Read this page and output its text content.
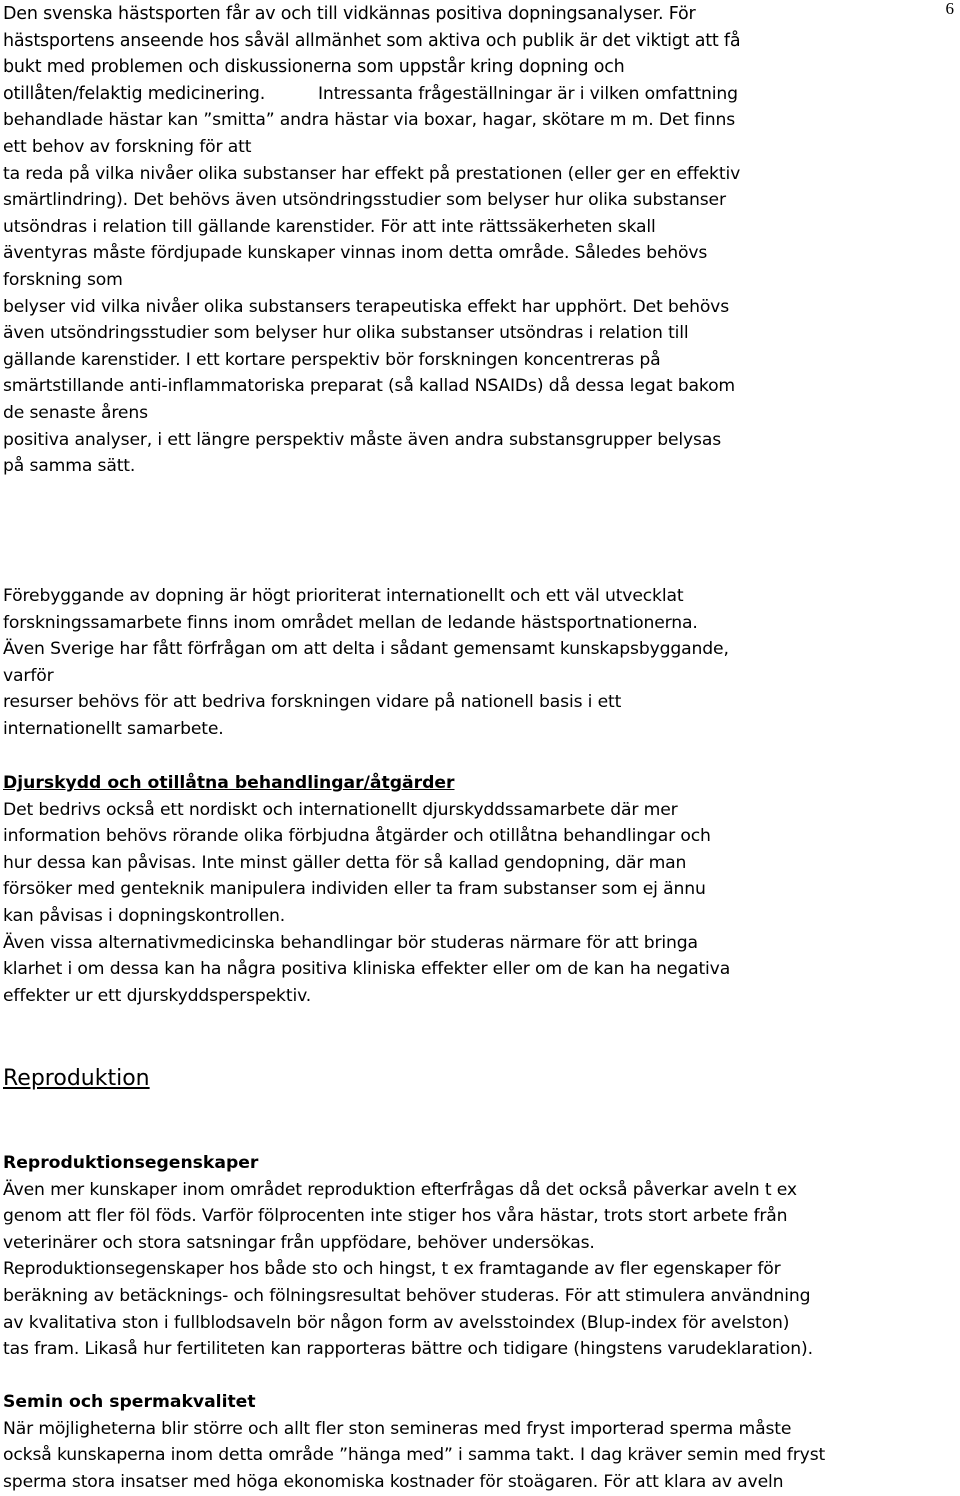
6
Den svenska hästsporten får av och till vidkännas positiva dopningsanalyser. För
hästsportens anseende hos såväl allmänhet som aktiva och publik är det viktigt att få
bukt med problemen och diskussionerna som uppstår kring dopning och
otillåten/felaktig medicinering.	Intressanta frågeställningar är i vilken omfattning
behandlade hästar kan ”smitta” andra hästar via boxar, hagar, skötare m m. Det finns
ett behov av forskning för att
ta reda på vilka nivåer olika substanser har effekt på prestationen (eller ger en effektiv
smärtlindring). Det behövs även utsöndringsstudier som belyser hur olika substanser
utsöndras i relation till gällande karenstider. För att inte rättssäkerheten skall
äventyras måste fördjupade kunskaper vinnas inom detta område. Således behövs
forskning som
belyser vid vilka nivåer olika substansers terapeutiska effekt har upphört. Det behövs
även utsöndringsstudier som belyser hur olika substanser utsöndras i relation till
gällande karenstider. I ett kortare perspektiv bör forskningen koncentreras på
smärtstillande anti-inflammatoriska preparat (så kallad NSAIDs) då dessa legat bakom
de senaste årens
positiva analyser, i ett längre perspektiv måste även andra substansgrupper belysas
på samma sätt.
Förebyggande av dopning är högt prioriterat internationellt och ett väl utvecklat
forskningssamarbete finns inom området mellan de ledande hästsportnationerna.
Även Sverige har fått förfrågan om att delta i sådant gemensamt kunskapsbyggande,
varför
resurser behövs för att bedriva forskningen vidare på nationell basis i ett
internationellt samarbete.
Djurskydd och otillåtna behandlingar/åtgärder
Det bedrivs också ett nordiskt och internationellt djurskyddssamarbete där mer
information behövs rörande olika förbjudna åtgärder och otillåtna behandlingar och
hur dessa kan påvisas. Inte minst gäller detta för så kallad gendopning, där man
försöker med genteknik manipulera individen eller ta fram substanser som ej ännu
kan påvisas i dopningskontrollen.
Även vissa alternativmedicinska behandlingar bör studeras närmare för att bringa
klarhet i om dessa kan ha några positiva kliniska effekter eller om de kan ha negativa
effekter ur ett djurskyddsperspektiv.
Reproduktion
Reproduktionsegenskaper
Även mer kunskaper inom området reproduktion efterfrågas då det också påverkar aveln t ex
genom att fler föl föds. Varför fölprocenten inte stiger hos våra hästar, trots stort arbete från
veterinärer och stora satsningar från uppfödare, behöver undersökas.
Reproduktionsegenskaper hos både sto och hingst, t ex framtagande av fler egenskaper för
beräkning av betäcknings- och fölningsresultat behöver studeras. För att stimulera användning
av kvalitativa ston i fullblodsaveln bör någon form av avelsstoindex (Blup-index för avelston)
tas fram. Likaså hur fertiliteten kan rapporteras bättre och tidigare (hingstens varudeklaration).
Semin och spermakvalitet
När möjligheterna blir större och allt fler ston semineras med fryst importerad sperma måste
också kunskaperna inom detta område ”hänga med” i samma takt. I dag kräver semin med fryst
sperma stora insatser med höga ekonomiska kostnader för stoägaren. För att klara av aveln
